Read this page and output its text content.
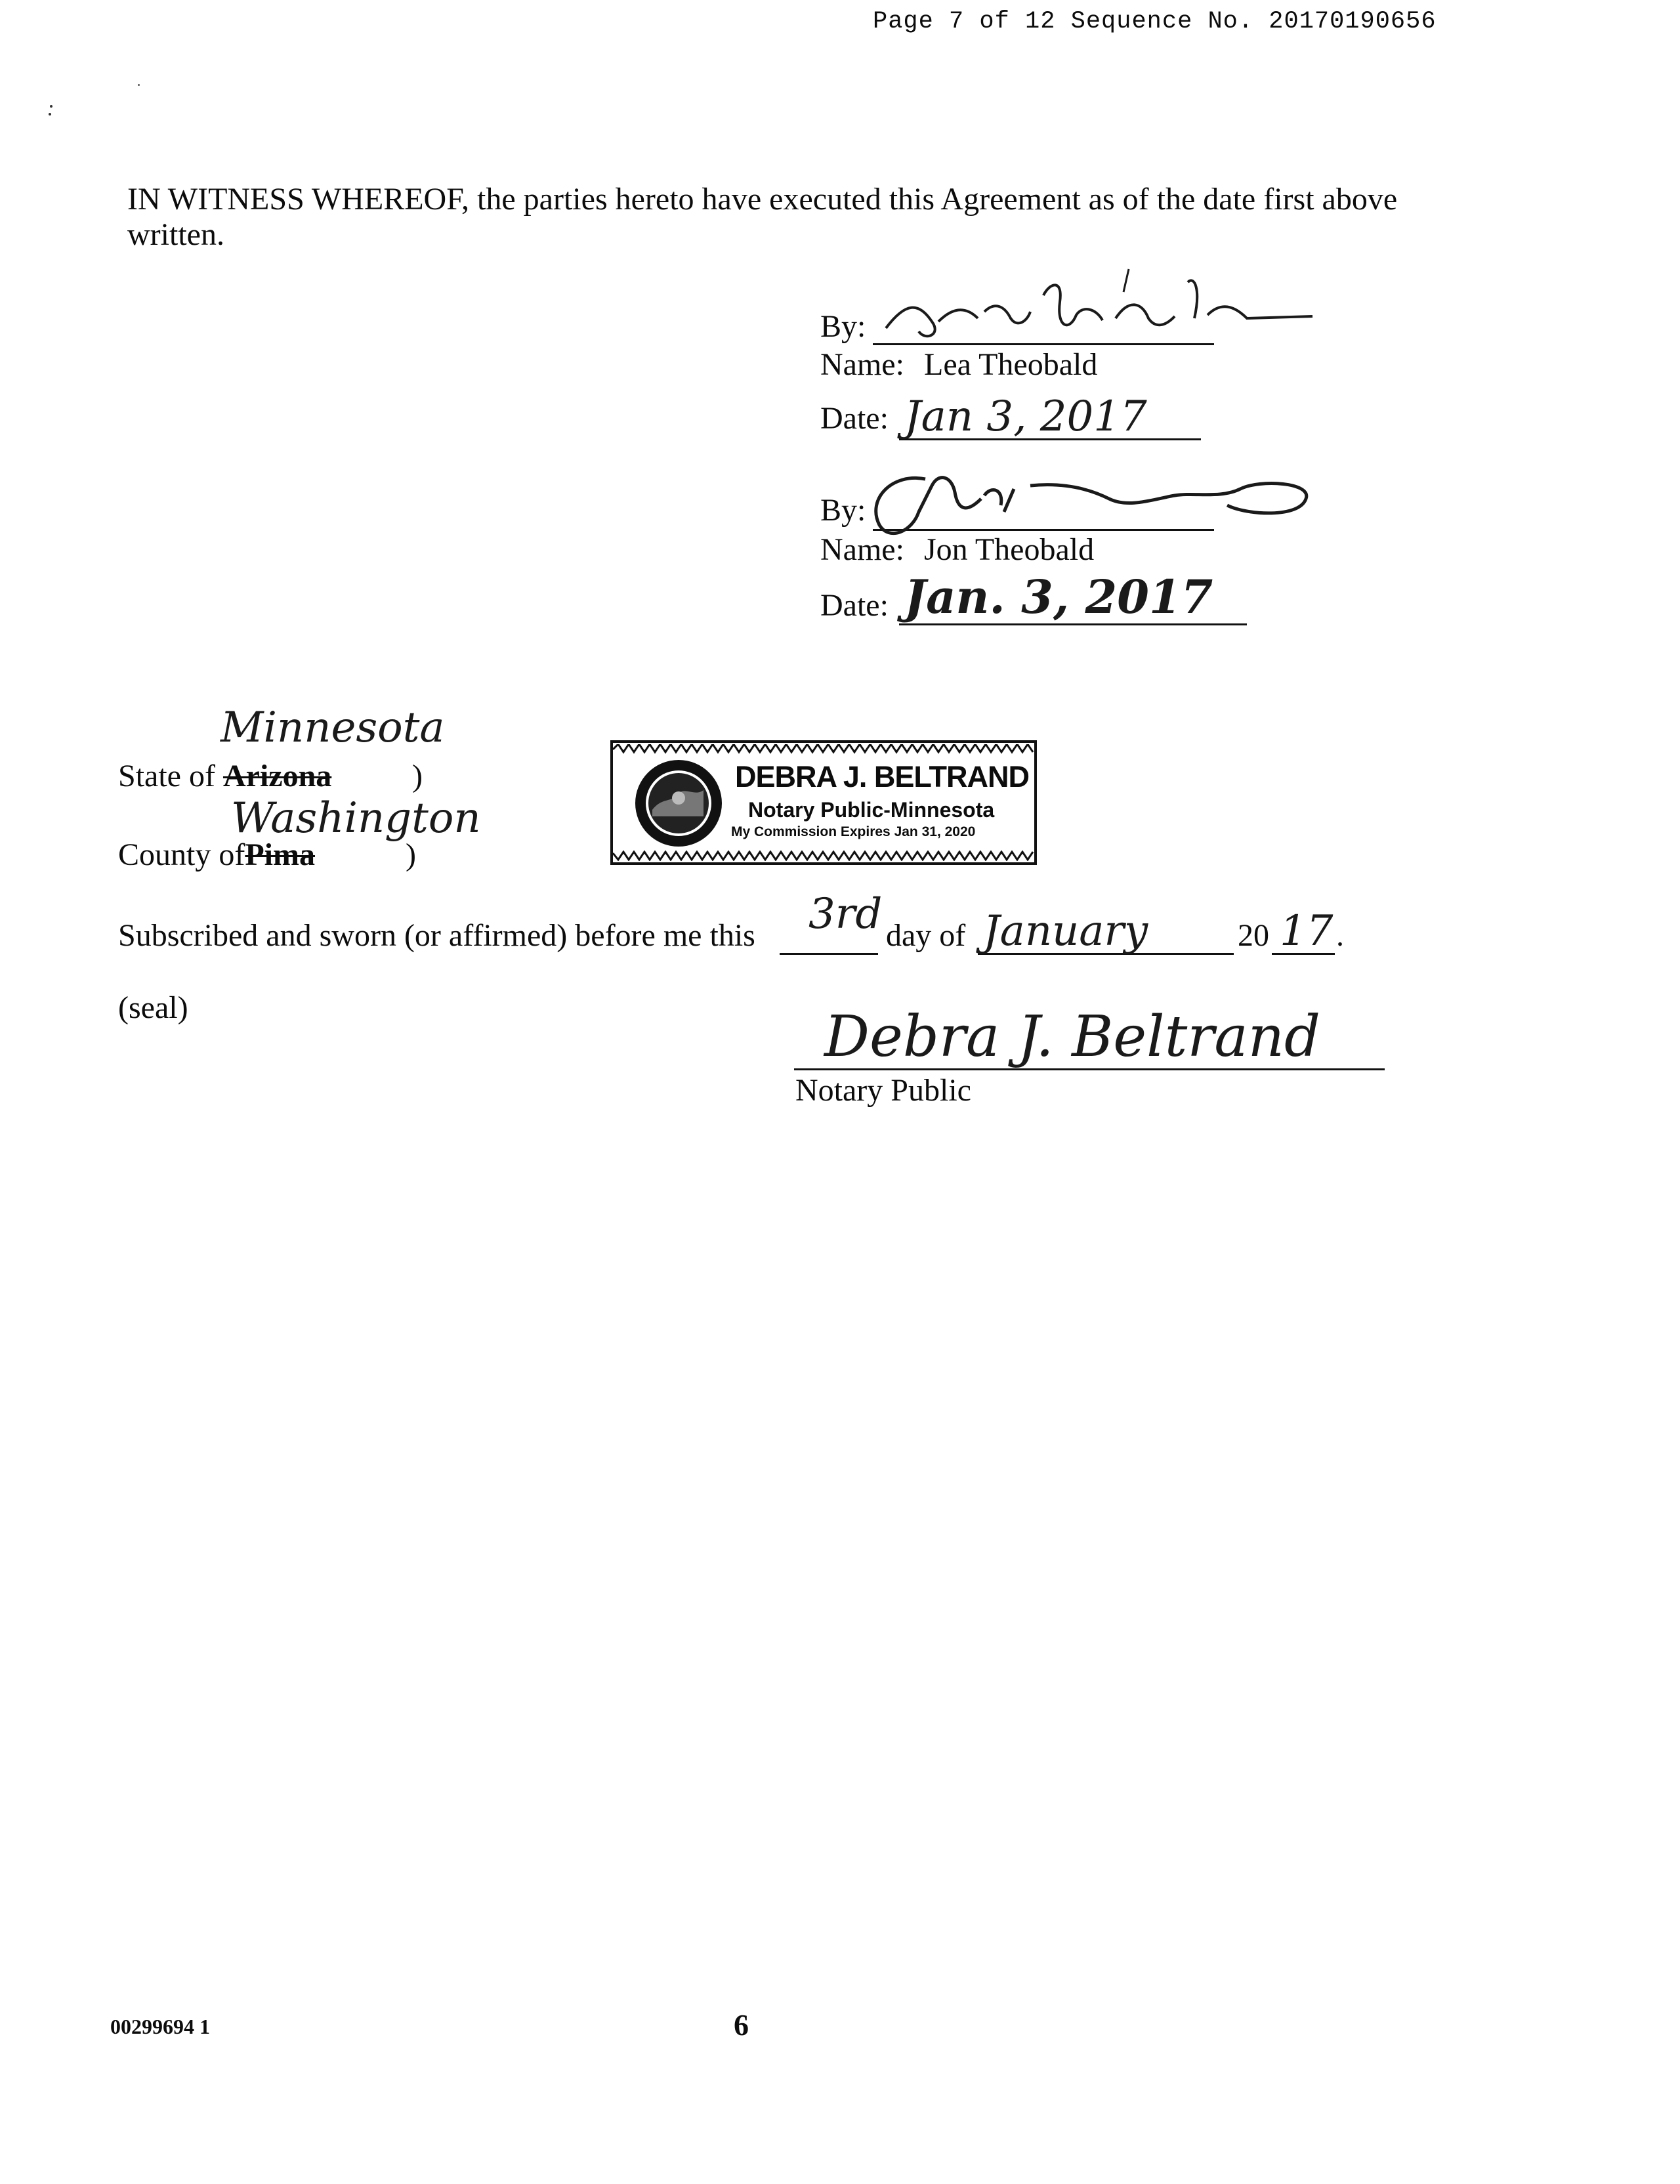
Page 7 of 12 Sequence No. 20170190656
IN WITNESS WHEREOF, the parties hereto have executed this Agreement as of the date first above
written.
By:
Name: Lea Theobald
Date: Jan 3, 2017
By:
Name: Jon Theobald
Date: Jan. 3, 2017
Minnesota
State of Arizona	)
Washington
County ofPima	)
DEBRA J. BELTRAND
Notary Public-Minnesota
My Commission Expires Jan 31, 2020
Subscribed and sworn (or affirmed) before me this 3rd day of January	20 17 .
(seal)	Debra J. Beltrand
Notary Public
00299694 1	6
